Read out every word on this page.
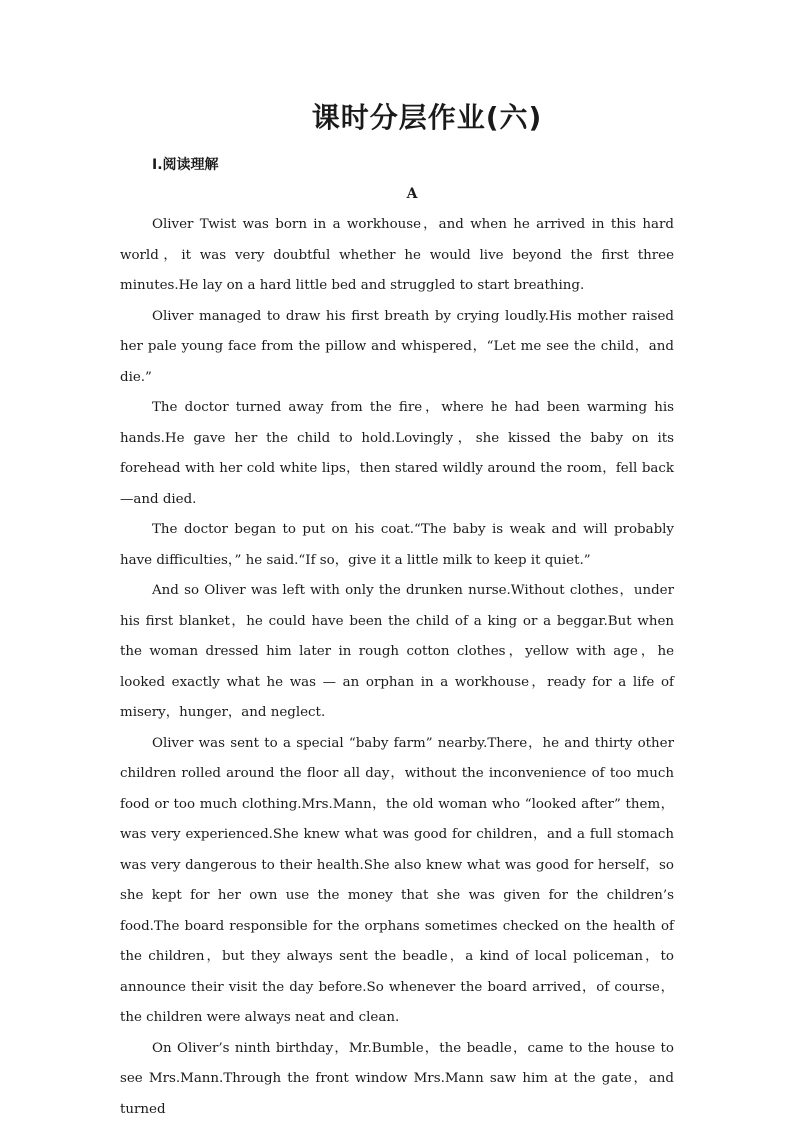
课时分层作业(六)
Ⅰ.阅读理解
A

Oliver Twist was born in a workhouse，and when he arrived in this hard world，it was very doubtful whether he would live beyond the first three minutes.He lay on a hard little bed and struggled to start breathing.

Oliver managed to draw his first breath by crying loudly.His mother raised her pale young face from the pillow and whispered，“Let me see the child，and die.”

The doctor turned away from the fire，where he had been warming his hands.He gave her the child to hold.Lovingly，she kissed the baby on its forehead with her cold white lips，then stared wildly around the room，fell back—and died.

The doctor began to put on his coat.“The baby is weak and will probably have difficulties，” he said.“If so，give it a little milk to keep it quiet.”

And so Oliver was left with only the drunken nurse.Without clothes，under his first blanket，he could have been the child of a king or a beggar.But when the woman dressed him later in rough cotton clothes，yellow with age，he looked exactly what he was — an orphan in a workhouse，ready for a life of misery，hunger，and neglect.

Oliver was sent to a special “baby farm” nearby.There，he and thirty other children rolled around the floor all day，without the inconvenience of too much food or too much clothing.Mrs.Mann，the old woman who “looked after” them，was very experienced.She knew what was good for children，and a full stomach was very dangerous to their health.She also knew what was good for herself，so she kept for her own use the money that she was given for the children’s food.The board responsible for the orphans sometimes checked on the health of the children，but they always sent the beadle，a kind of local policeman，to announce their visit the day before.So whenever the board arrived，of course，the children were always neat and clean.

On Oliver’s ninth birthday，Mr.Bumble，the beadle，came to the house to see Mrs.Mann.Through the front window Mrs.Mann saw him at the gate，and turned
